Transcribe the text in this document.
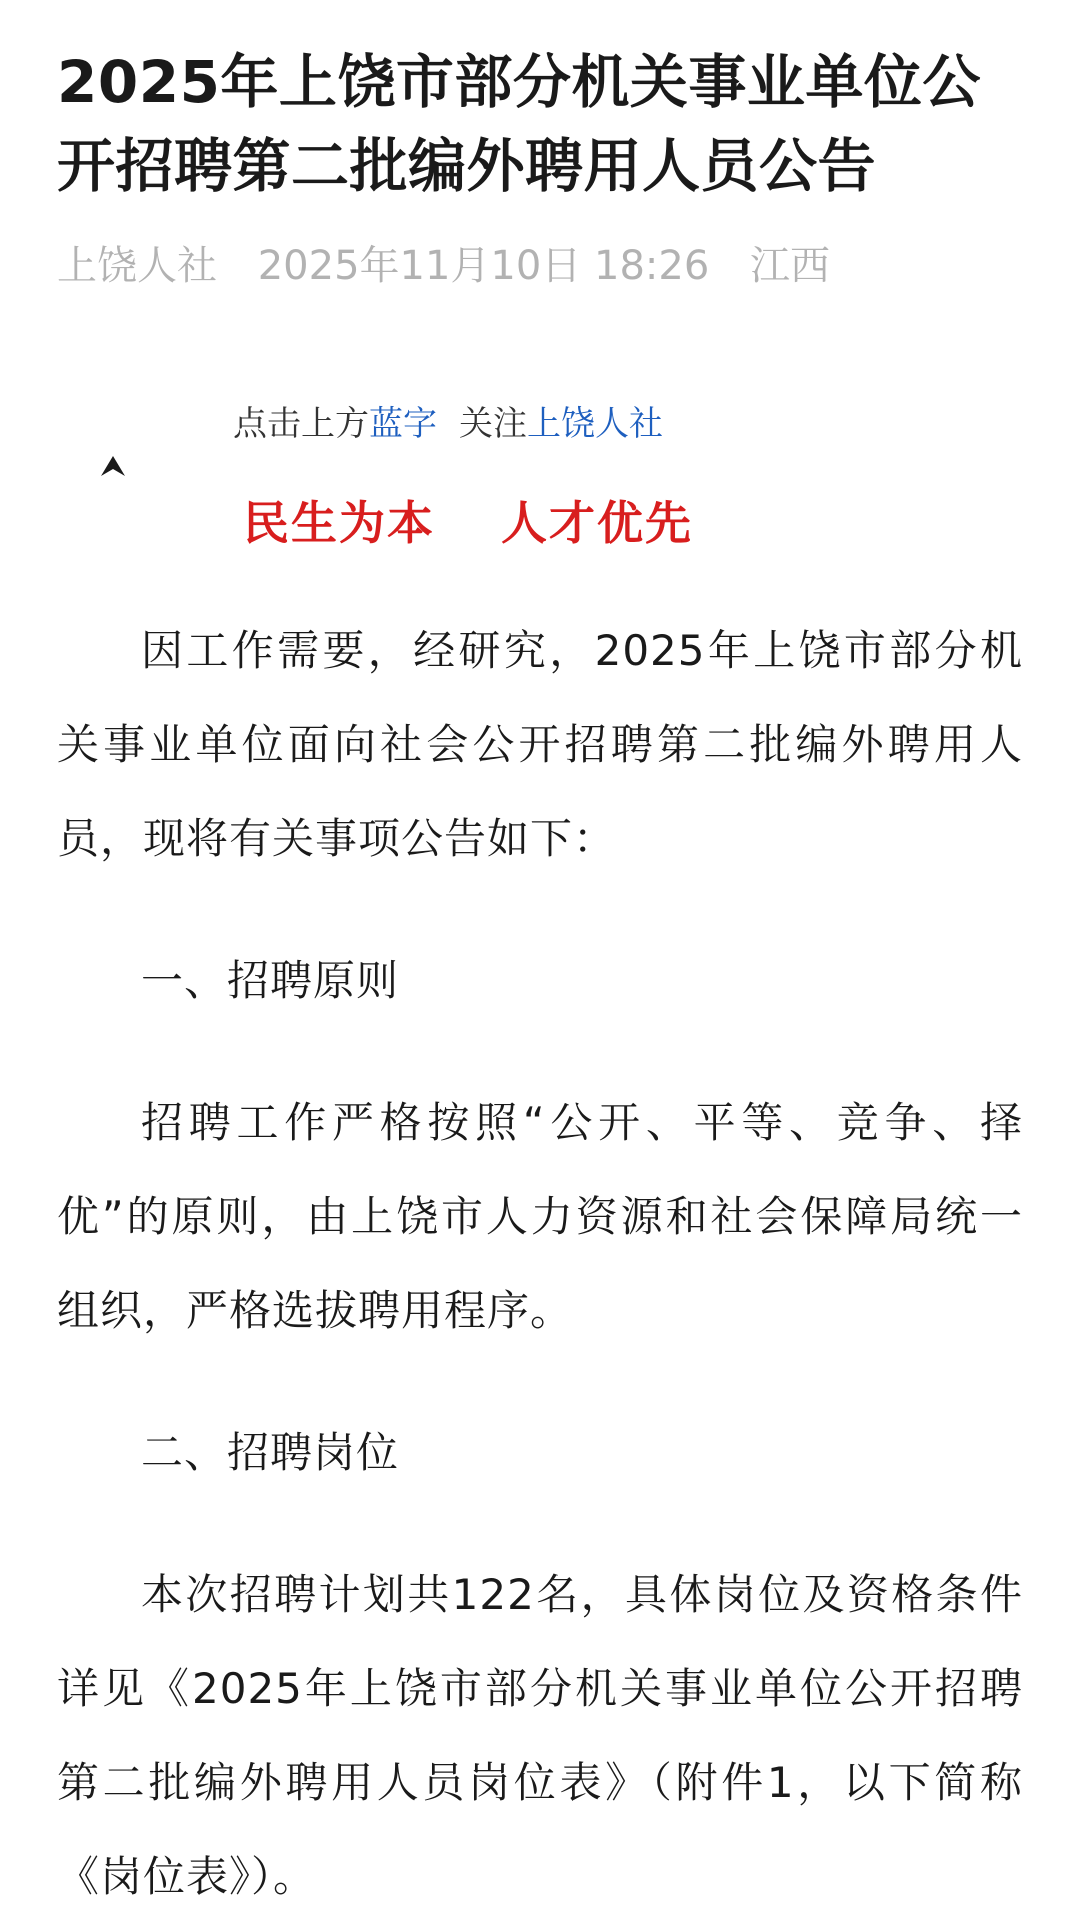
2025年上饶市部分机关事业单位公开招聘第二批编外聘用人员公告
上饶人社 2025年11月10日 18:26 江西
点击上方蓝字 关注上饶人社
民生为本 人才优先

因工作需要，经研究，2025年上饶市部分机关事业单位面向社会公开招聘第二批编外聘用人员，现将有关事项公告如下：

一、招聘原则

招聘工作严格按照“公开、平等、竞争、择优”的原则，由上饶市人力资源和社会保障局统一组织，严格选拔聘用程序。

二、招聘岗位

本次招聘计划共122名，具体岗位及资格条件详见《2025年上饶市部分机关事业单位公开招聘第二批编外聘用人员岗位表》（附件1，以下简称《岗位表》）。
